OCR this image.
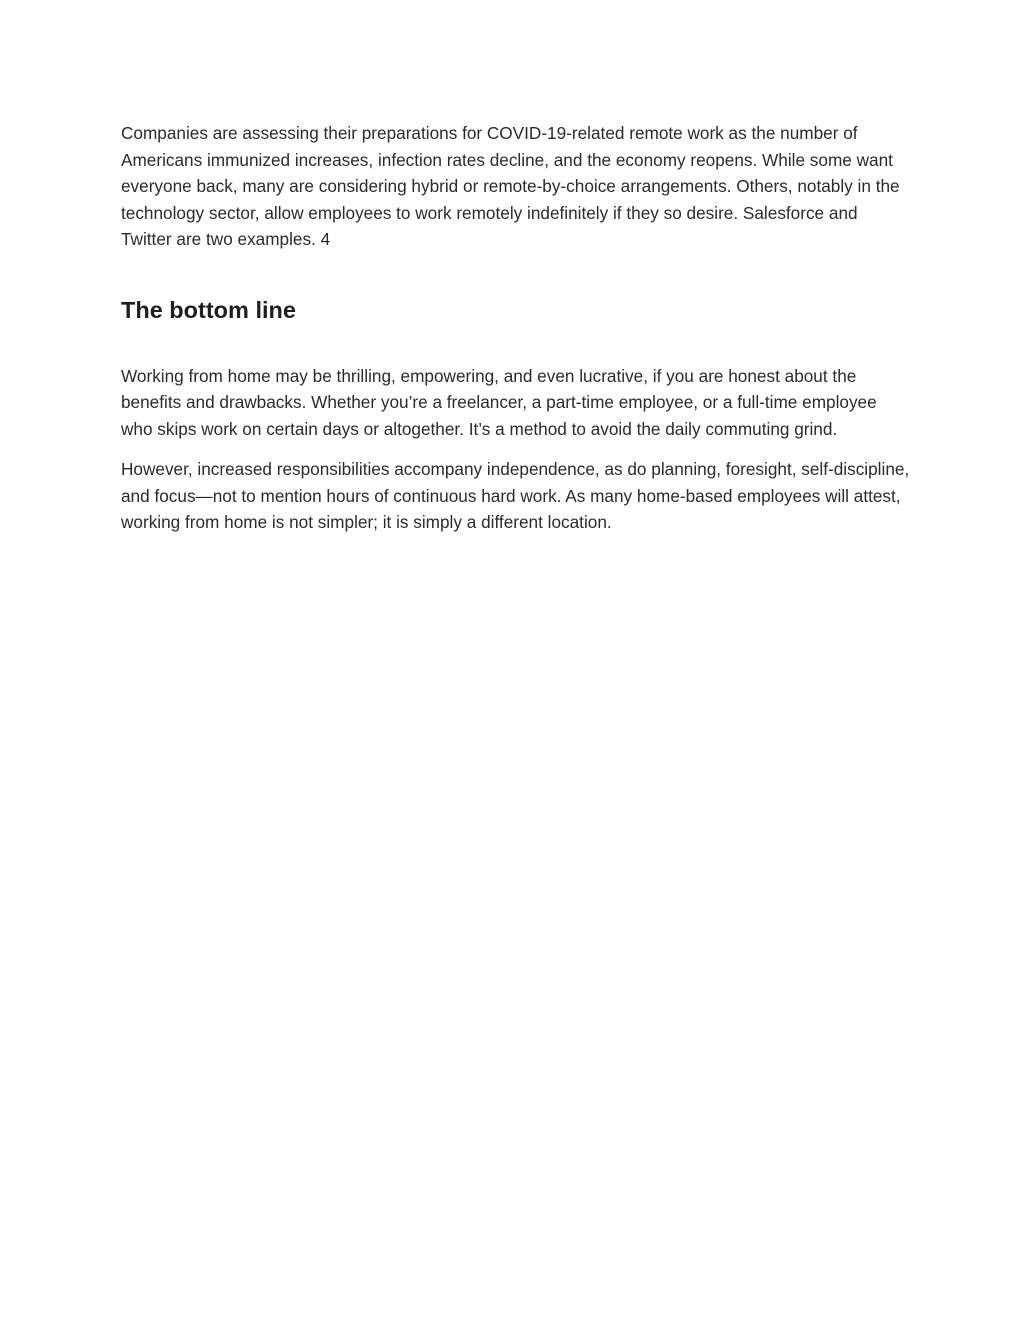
Companies are assessing their preparations for COVID-19-related remote work as the number of Americans immunized increases, infection rates decline, and the economy reopens. While some want everyone back, many are considering hybrid or remote-by-choice arrangements. Others, notably in the technology sector, allow employees to work remotely indefinitely if they so desire. Salesforce and Twitter are two examples. 4

The bottom line

Working from home may be thrilling, empowering, and even lucrative, if you are honest about the benefits and drawbacks. Whether you’re a freelancer, a part-time employee, or a full-time employee who skips work on certain days or altogether. It’s a method to avoid the daily commuting grind.

However, increased responsibilities accompany independence, as do planning, foresight, self-discipline, and focus—not to mention hours of continuous hard work. As many home-based employees will attest, working from home is not simpler; it is simply a different location.
